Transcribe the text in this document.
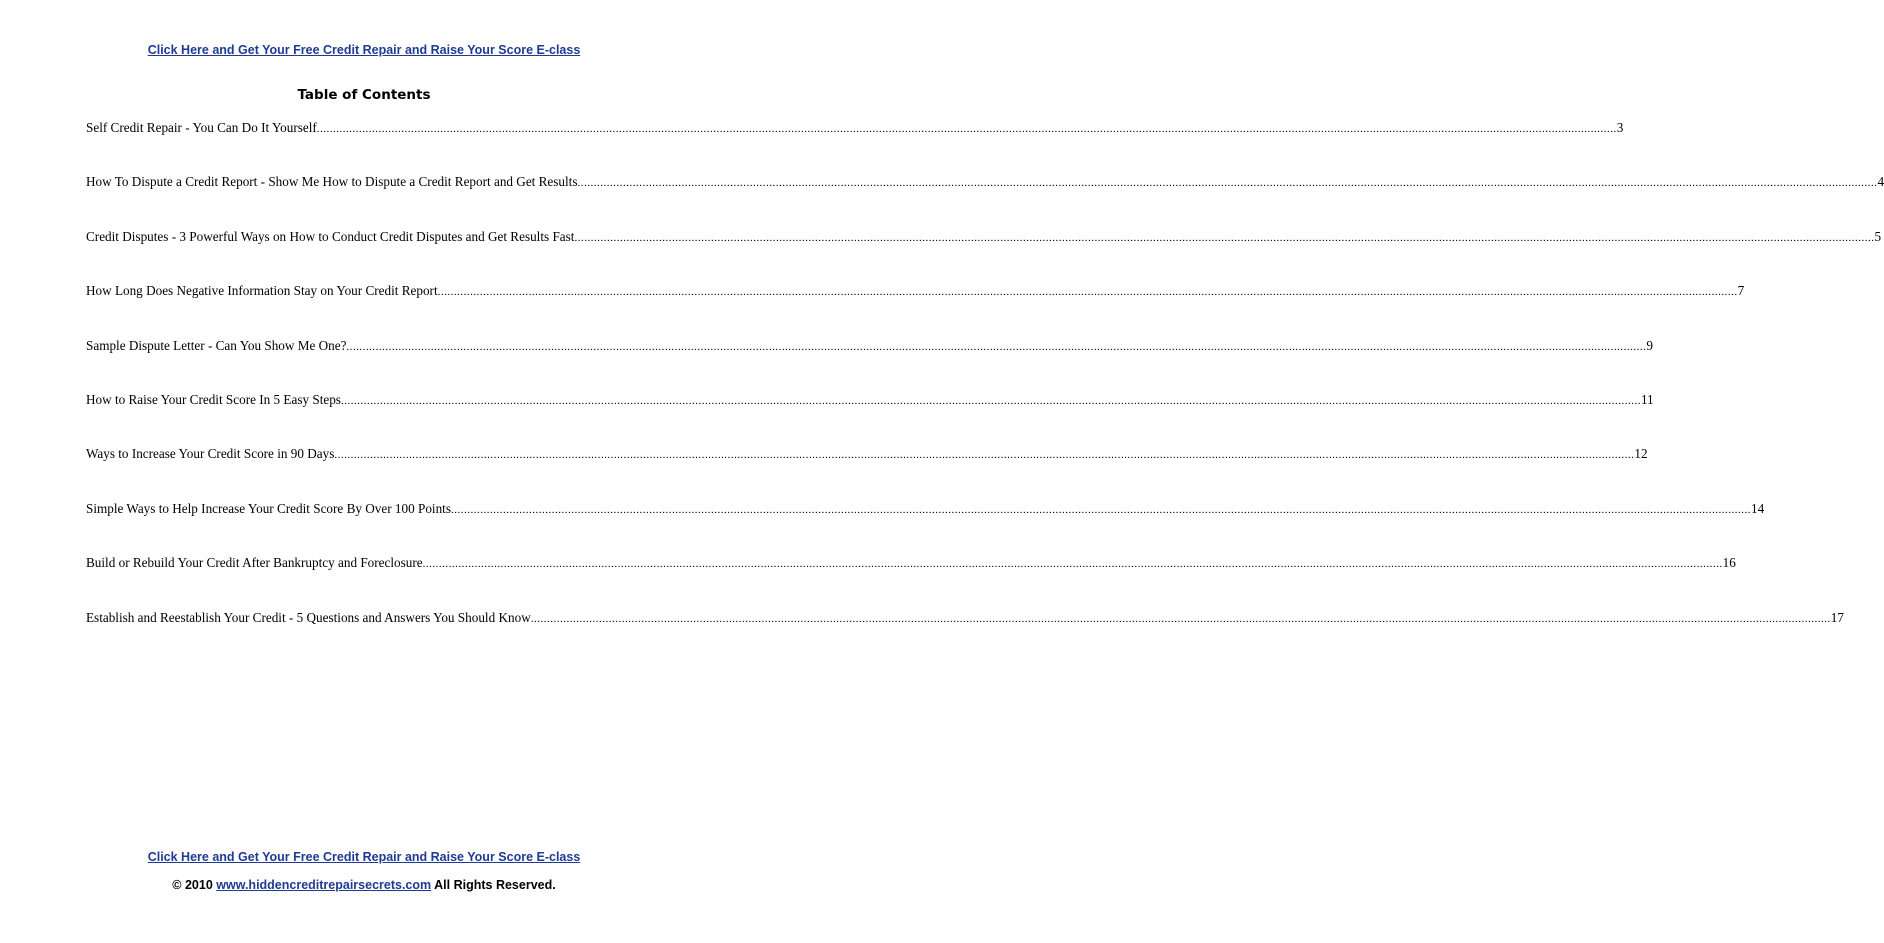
Click Here and Get Your Free Credit Repair and Raise Your Score E-class
Table of Contents
Self Credit Repair - You Can Do It Yourself ................................................................................................................................................................................................................................................................................................................................................................................................................ 3
How To Dispute a Credit Report - Show Me How to Dispute a Credit Report and Get Results ................................................................................................................................................................................................................................................................................................................................................................................................................ 4
Credit Disputes - 3 Powerful Ways on How to Conduct Credit Disputes and Get Results Fast ................................................................................................................................................................................................................................................................................................................................................................................................................ 5
How Long Does Negative Information Stay on Your Credit Report ................................................................................................................................................................................................................................................................................................................................................................................................................ 7
Sample Dispute Letter - Can You Show Me One? ................................................................................................................................................................................................................................................................................................................................................................................................................ 9
How to Raise Your Credit Score In 5 Easy Steps ................................................................................................................................................................................................................................................................................................................................................................................................................ 11
Ways to Increase Your Credit Score in 90 Days ................................................................................................................................................................................................................................................................................................................................................................................................................ 12
Simple Ways to Help Increase Your Credit Score By Over 100 Points ................................................................................................................................................................................................................................................................................................................................................................................................................ 14
Build or Rebuild Your Credit After Bankruptcy and Foreclosure ................................................................................................................................................................................................................................................................................................................................................................................................................ 16
Establish and Reestablish Your Credit - 5 Questions and Answers You Should Know ................................................................................................................................................................................................................................................................................................................................................................................................................ 17
Click Here and Get Your Free Credit Repair and Raise Your Score E-class
© 2010 www.hiddencreditrepairsecrets.com All Rights Reserved.
